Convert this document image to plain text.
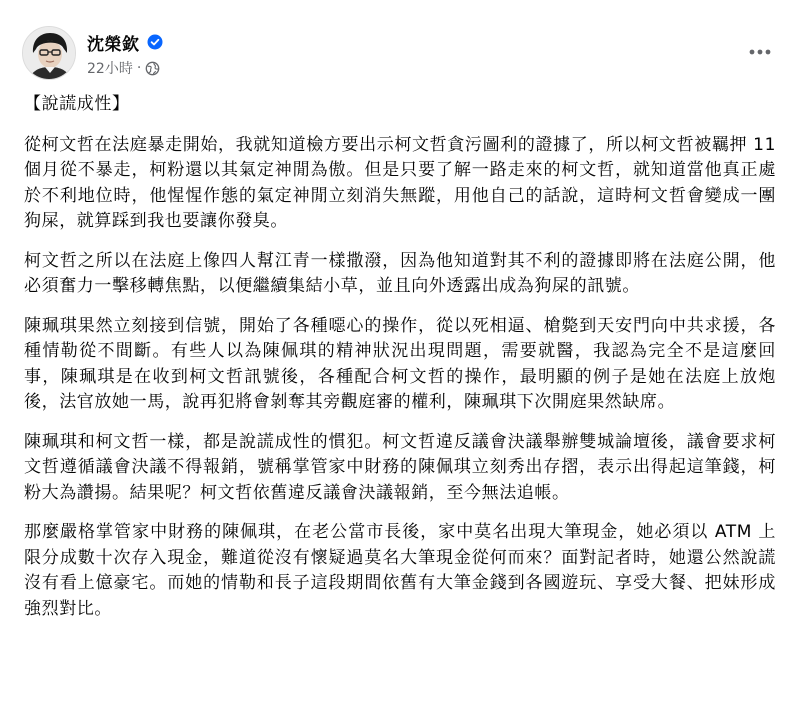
沈榮欽
22小時 ·

【說謊成性】

從柯文哲在法庭暴走開始，我就知道檢方要出示柯文哲貪污圖利的證據了，所以柯文哲被羈押 11 個月從不暴走，柯粉還以其氣定神閒為傲。但是只要了解一路走來的柯文哲，就知道當他真正處於不利地位時，他惺惺作態的氣定神閒立刻消失無蹤，用他自己的話說，這時柯文哲會變成一團狗屎，就算踩到我也要讓你發臭。

柯文哲之所以在法庭上像四人幫江青一樣撒潑，因為他知道對其不利的證據即將在法庭公開，他必須奮力一擊移轉焦點，以便繼續集結小草，並且向外透露出成為狗屎的訊號。

陳珮琪果然立刻接到信號，開始了各種噁心的操作，從以死相逼、槍斃到天安門向中共求援，各種情勒從不間斷。有些人以為陳佩琪的精神狀況出現問題，需要就醫，我認為完全不是這麼回事，陳珮琪是在收到柯文哲訊號後，各種配合柯文哲的操作，最明顯的例子是她在法庭上放炮後，法官放她一馬，說再犯將會剝奪其旁觀庭審的權利，陳珮琪下次開庭果然缺席。

陳珮琪和柯文哲一樣，都是說謊成性的慣犯。柯文哲違反議會決議舉辦雙城論壇後，議會要求柯文哲遵循議會決議不得報銷，號稱掌管家中財務的陳佩琪立刻秀出存摺，表示出得起這筆錢，柯粉大為讚揚。結果呢？柯文哲依舊違反議會決議報銷，至今無法追帳。

那麼嚴格掌管家中財務的陳佩琪，在老公當市長後，家中莫名出現大筆現金，她必須以 ATM 上限分成數十次存入現金，難道從沒有懷疑過莫名大筆現金從何而來？面對記者時，她還公然說謊沒有看上億豪宅。而她的情勒和長子這段期間依舊有大筆金錢到各國遊玩、享受大餐、把妹形成強烈對比。
